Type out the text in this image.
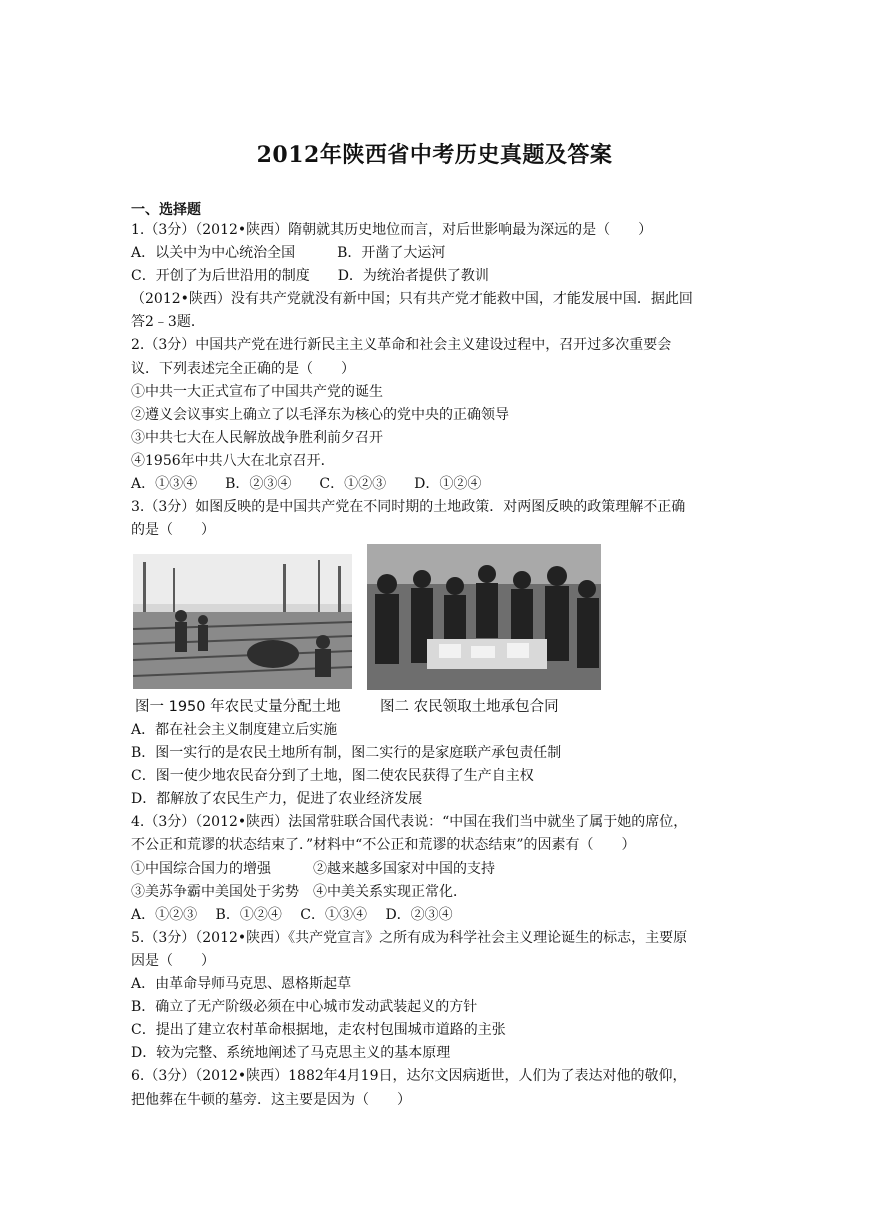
2012年陕西省中考历史真题及答案
一、选择题
1.（3分）（2012•陕西）隋朝就其历史地位而言，对后世影响最为深远的是（　　）
A．以关中为中心统治全国　　　B．开凿了大运河
C．开创了为后世沿用的制度　　D．为统治者提供了教训
（2012•陕西）没有共产党就没有新中国；只有共产党才能救中国，才能发展中国．据此回
答2﹣3题．
2.（3分）中国共产党在进行新民主主义革命和社会主义建设过程中，召开过多次重要会
议．下列表述完全正确的是（　　）
①中共一大正式宣布了中国共产党的诞生
②遵义会议事实上确立了以毛泽东为核心的党中央的正确领导
③中共七大在人民解放战争胜利前夕召开
④1956年中共八大在北京召开．
A．①③④　　B．②③④　　C．①②③　　D．①②④
3.（3分）如图反映的是中国共产党在不同时期的土地政策．对两图反映的政策理解不正确
的是（　　）
图一 1950 年农民丈量分配土地	图二 农民领取土地承包合同
A．都在社会主义制度建立后实施
B．图一实行的是农民土地所有制，图二实行的是家庭联产承包责任制
C．图一使少地农民奋分到了土地，图二使农民获得了生产自主权
D．都解放了农民生产力，促进了农业经济发展
4.（3分）（2012•陕西）法国常驻联合国代表说：“中国在我们当中就坐了属于她的席位，
不公正和荒谬的状态结束了．”材料中“不公正和荒谬的状态结束”的因素有（　　）
①中国综合国力的增强　　　②越来越多国家对中国的支持
③美苏争霸中美国处于劣势　④中美关系实现正常化．
A．①②③　 B．①②④　 C．①③④　 D．②③④
5.（3分）（2012•陕西）《共产党宣言》之所有成为科学社会主义理论诞生的标志，主要原
因是（　　）
A．由革命导师马克思、恩格斯起草
B．确立了无产阶级必须在中心城市发动武装起义的方针
C．提出了建立农村革命根据地，走农村包围城市道路的主张
D．较为完整、系统地阐述了马克思主义的基本原理
6.（3分）（2012•陕西）1882年4月19日，达尔文因病逝世，人们为了表达对他的敬仰，
把他葬在牛顿的墓旁．这主要是因为（　　）
